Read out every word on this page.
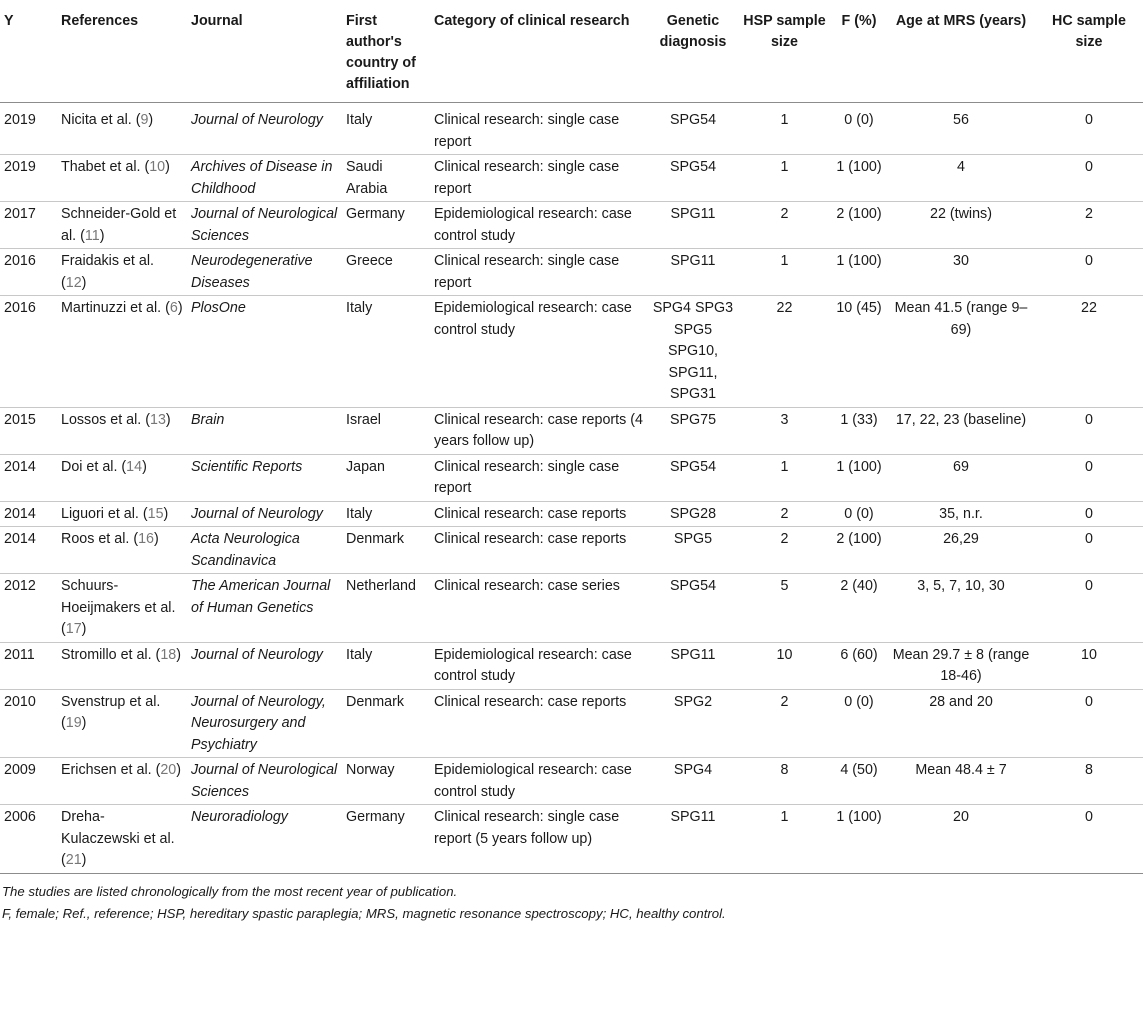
Y	References	Journal	First author's country of affiliation	Category of clinical research	Genetic diagnosis	HSP sample size	F (%)	Age at MRS (years)	HC sample size
2019	Nicita et al. (9)	Journal of Neurology	Italy	Clinical research: single case report	SPG54	1	0 (0)	56	0
2019	Thabet et al. (10)	Archives of Disease in Childhood	Saudi Arabia	Clinical research: single case report	SPG54	1	1 (100)	4	0
2017	Schneider-Gold et al. (11)	Journal of Neurological Sciences	Germany	Epidemiological research: case control study	SPG11	2	2 (100)	22 (twins)	2
2016	Fraidakis et al. (12)	Neurodegenerative Diseases	Greece	Clinical research: single case report	SPG11	1	1 (100)	30	0
2016	Martinuzzi et al. (6)	PlosOne	Italy	Epidemiological research: case control study	SPG4 SPG3 SPG5 SPG10, SPG11, SPG31	22	10 (45)	Mean 41.5 (range 9–69)	22
2015	Lossos et al. (13)	Brain	Israel	Clinical research: case reports (4 years follow up)	SPG75	3	1 (33)	17, 22, 23 (baseline)	0
2014	Doi et al. (14)	Scientific Reports	Japan	Clinical research: single case report	SPG54	1	1 (100)	69	0
2014	Liguori et al. (15)	Journal of Neurology	Italy	Clinical research: case reports	SPG28	2	0 (0)	35, n.r.	0
2014	Roos et al. (16)	Acta Neurologica Scandinavica	Denmark	Clinical research: case reports	SPG5	2	2 (100)	26,29	0
2012	Schuurs-Hoeijmakers et al. (17)	The American Journal of Human Genetics	Netherland	Clinical research: case series	SPG54	5	2 (40)	3, 5, 7, 10, 30	0
2011	Stromillo et al. (18)	Journal of Neurology	Italy	Epidemiological research: case control study	SPG11	10	6 (60)	Mean 29.7 ± 8 (range 18-46)	10
2010	Svenstrup et al. (19)	Journal of Neurology, Neurosurgery and Psychiatry	Denmark	Clinical research: case reports	SPG2	2	0 (0)	28 and 20	0
2009	Erichsen et al. (20)	Journal of Neurological Sciences	Norway	Epidemiological research: case control study	SPG4	8	4 (50)	Mean 48.4 ± 7	8
2006	Dreha-Kulaczewski et al. (21)	Neuroradiology	Germany	Clinical research: single case report (5 years follow up)	SPG11	1	1 (100)	20	0
The studies are listed chronologically from the most recent year of publication.
F, female; Ref., reference; HSP, hereditary spastic paraplegia; MRS, magnetic resonance spectroscopy; HC, healthy control.
